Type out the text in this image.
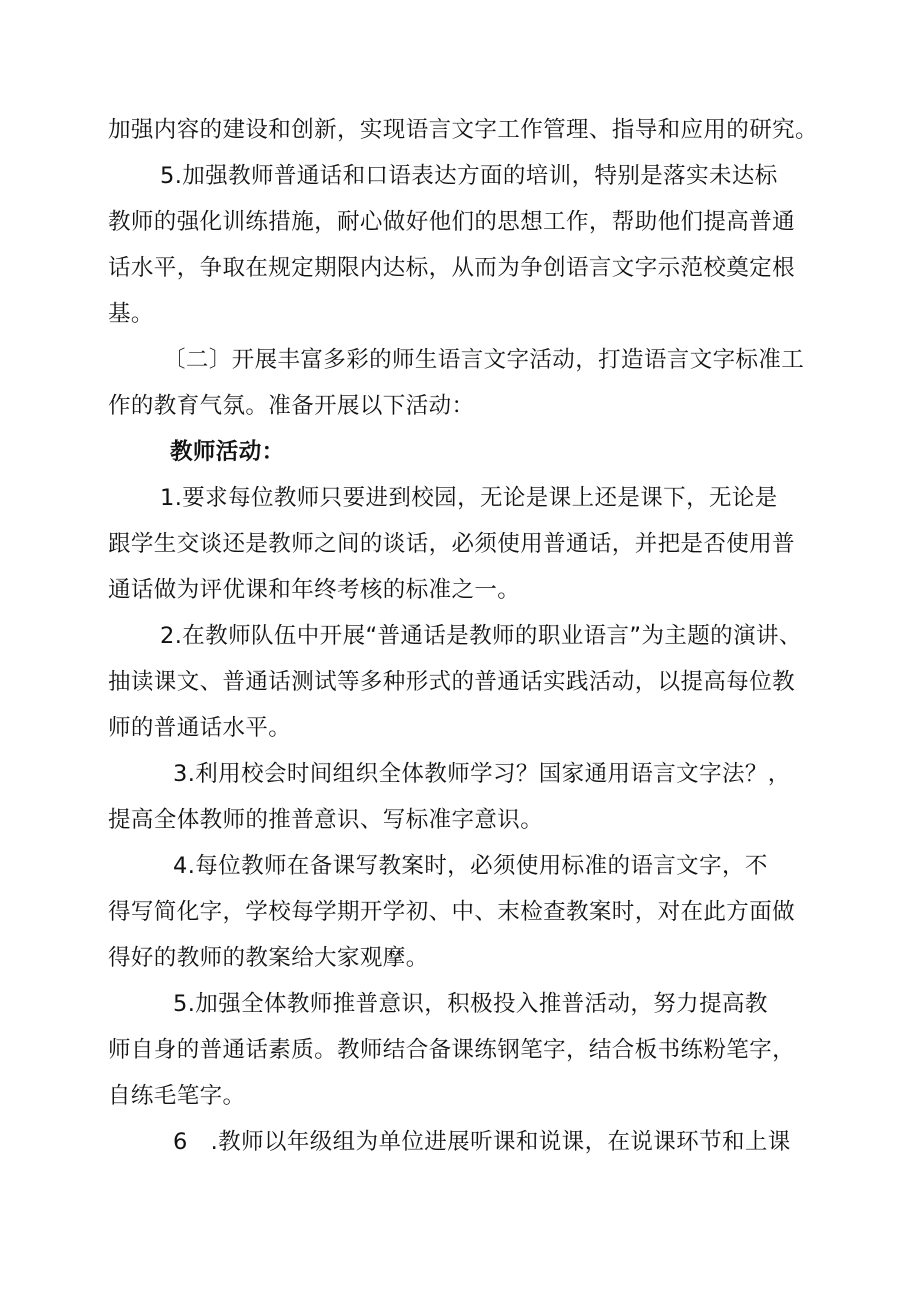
加强内容的建设和创新，实现语言文字工作管理、指导和应用的研究。
5.加强教师普通话和口语表达方面的培训，特别是落实未达标
教师的强化训练措施，耐心做好他们的思想工作，帮助他们提高普通
话水平，争取在规定期限内达标，从而为争创语言文字示范校奠定根
基。
〔二〕开展丰富多彩的师生语言文字活动，打造语言文字标准工
作的教育气氛。准备开展以下活动：
教师活动：
1.要求每位教师只要进到校园，无论是课上还是课下，无论是
跟学生交谈还是教师之间的谈话，必须使用普通话，并把是否使用普
通话做为评优课和年终考核的标准之一。
2.在教师队伍中开展“普通话是教师的职业语言”为主题的演讲、
抽读课文、普通话测试等多种形式的普通话实践活动，以提高每位教
师的普通话水平。
3.利用校会时间组织全体教师学习？国家通用语言文字法？，
提高全体教师的推普意识、写标准字意识。
4.每位教师在备课写教案时，必须使用标准的语言文字，不
得写简化字，学校每学期开学初、中、末检查教案时，对在此方面做
得好的教师的教案给大家观摩。
5.加强全体教师推普意识，积极投入推普活动，努力提高教
师自身的普通话素质。教师结合备课练钢笔字，结合板书练粉笔字，
自练毛笔字。
6　.教师以年级组为单位进展听课和说课，在说课环节和上课
